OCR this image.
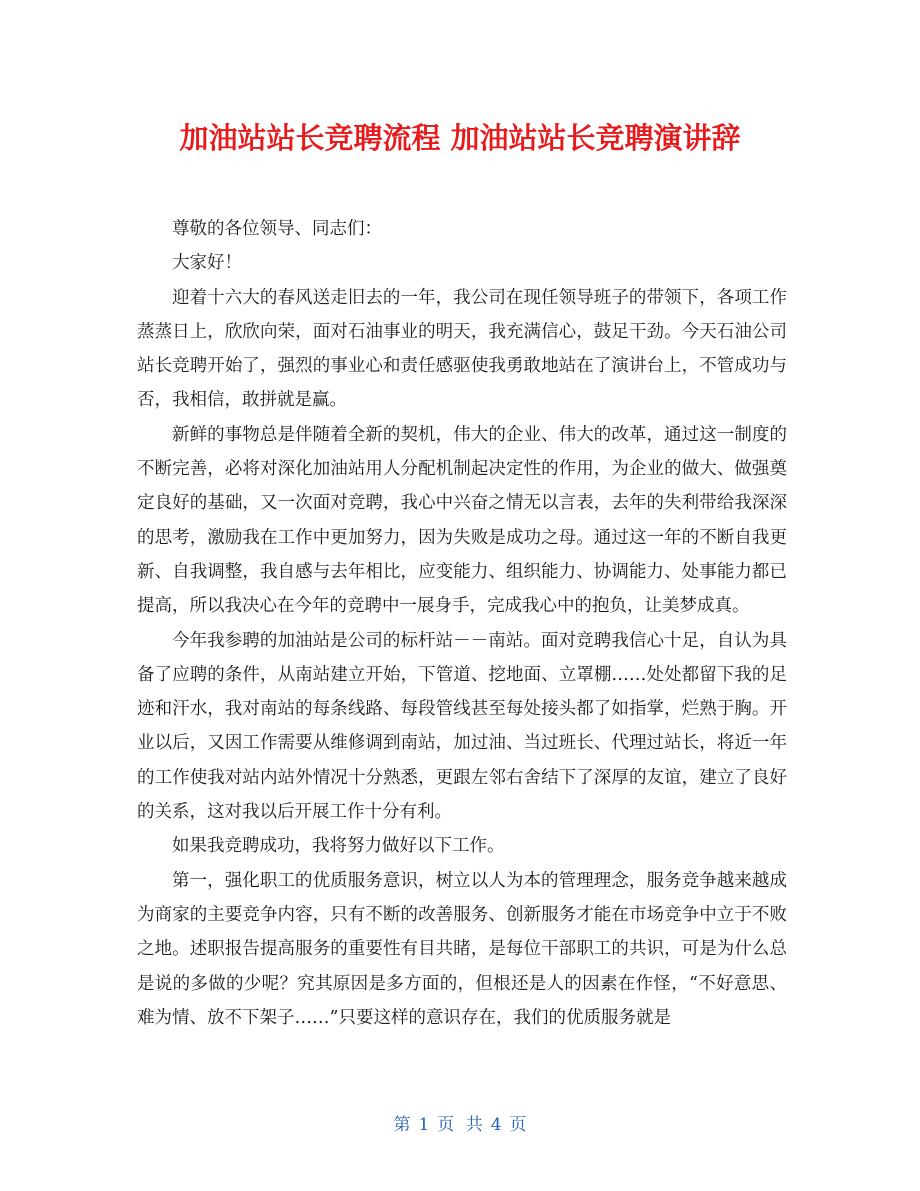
加油站站长竞聘流程 加油站站长竞聘演讲辞

尊敬的各位领导、同志们：

大家好！

迎着十六大的春风送走旧去的一年，我公司在现任领导班子的带领下，各项工作蒸蒸日上，欣欣向荣，面对石油事业的明天，我充满信心，鼓足干劲。今天石油公司站长竞聘开始了，强烈的事业心和责任感驱使我勇敢地站在了演讲台上，不管成功与否，我相信，敢拼就是赢。

新鲜的事物总是伴随着全新的契机，伟大的企业、伟大的改革，通过这一制度的不断完善，必将对深化加油站用人分配机制起决定性的作用，为企业的做大、做强奠定良好的基础，又一次面对竞聘，我心中兴奋之情无以言表，去年的失利带给我深深的思考，激励我在工作中更加努力，因为失败是成功之母。通过这一年的不断自我更新、自我调整，我自感与去年相比，应变能力、组织能力、协调能力、处事能力都已提高，所以我决心在今年的竞聘中一展身手，完成我心中的抱负，让美梦成真。

今年我参聘的加油站是公司的标杆站－－南站。面对竞聘我信心十足，自认为具备了应聘的条件，从南站建立开始，下管道、挖地面、立罩棚……处处都留下我的足迹和汗水，我对南站的每条线路、每段管线甚至每处接头都了如指掌，烂熟于胸。开业以后，又因工作需要从维修调到南站，加过油、当过班长、代理过站长，将近一年的工作使我对站内站外情况十分熟悉，更跟左邻右舍结下了深厚的友谊，建立了良好的关系，这对我以后开展工作十分有利。

如果我竞聘成功，我将努力做好以下工作。

第一，强化职工的优质服务意识，树立以人为本的管理理念，服务竞争越来越成为商家的主要竞争内容，只有不断的改善服务、创新服务才能在市场竞争中立于不败之地。述职报告提高服务的重要性有目共睹，是每位干部职工的共识，可是为什么总是说的多做的少呢？究其原因是多方面的，但根还是人的因素在作怪，“不好意思、难为情、放不下架子……”只要这样的意识存在，我们的优质服务就是

第 1 页 共 4 页
